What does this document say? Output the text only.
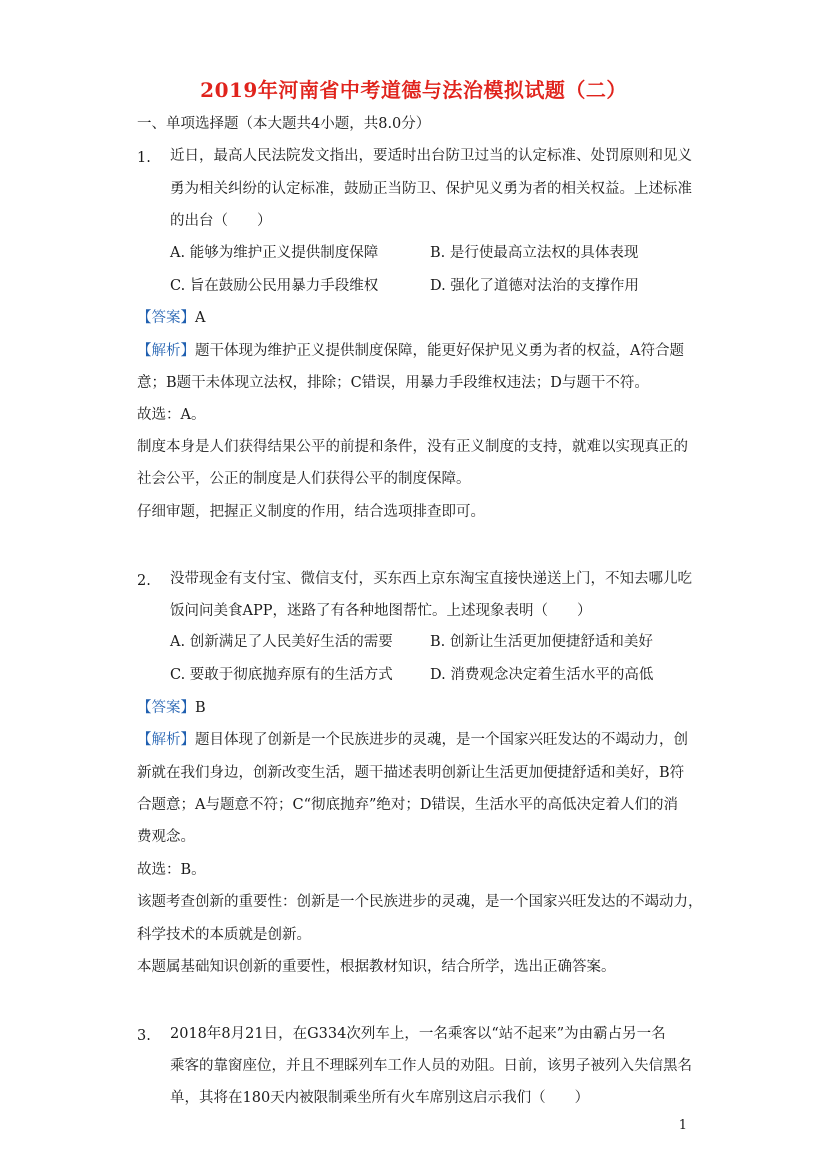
2019年河南省中考道德与法治模拟试题（二）
一、单项选择题（本大题共4小题，共8.0分）
1. 近日，最高人民法院发文指出，要适时出台防卫过当的认定标准、处罚原则和见义
勇为相关纠纷的认定标准，鼓励正当防卫、保护见义勇为者的相关权益。上述标准
的出台（　　）
A. 能够为维护正义提供制度保障	B. 是行使最高立法权的具体表现
C. 旨在鼓励公民用暴力手段维权	D. 强化了道德对法治的支撑作用
【答案】A
【解析】题干体现为维护正义提供制度保障，能更好保护见义勇为者的权益，A符合题
意；B题干未体现立法权，排除；C错误，用暴力手段维权违法；D与题干不符。
故选：A。
制度本身是人们获得结果公平的前提和条件，没有正义制度的支持，就难以实现真正的
社会公平，公正的制度是人们获得公平的制度保障。
仔细审题，把握正义制度的作用，结合选项排查即可。
2. 没带现金有支付宝、微信支付，买东西上京东淘宝直接快递送上门，不知去哪儿吃
饭问问美食APP，迷路了有各种地图帮忙。上述现象表明（　　）
A. 创新满足了人民美好生活的需要	B. 创新让生活更加便捷舒适和美好
C. 要敢于彻底抛弃原有的生活方式	D. 消费观念决定着生活水平的高低
【答案】B
【解析】题目体现了创新是一个民族进步的灵魂，是一个国家兴旺发达的不竭动力，创
新就在我们身边，创新改变生活，题干描述表明创新让生活更加便捷舒适和美好，B符
合题意；A与题意不符；C“彻底抛弃”绝对；D错误，生活水平的高低决定着人们的消
费观念。
故选：B。
该题考查创新的重要性：创新是一个民族进步的灵魂，是一个国家兴旺发达的不竭动力，
科学技术的本质就是创新。
本题属基础知识创新的重要性，根据教材知识，结合所学，选出正确答案。
3. 2018年8月21日，在G334次列车上，一名乘客以“站不起来”为由霸占另一名
乘客的靠窗座位，并且不理睬列车工作人员的劝阻。日前，该男子被列入失信黑名
单，其将在180天内被限制乘坐所有火车席别这启示我们（　　）
1
